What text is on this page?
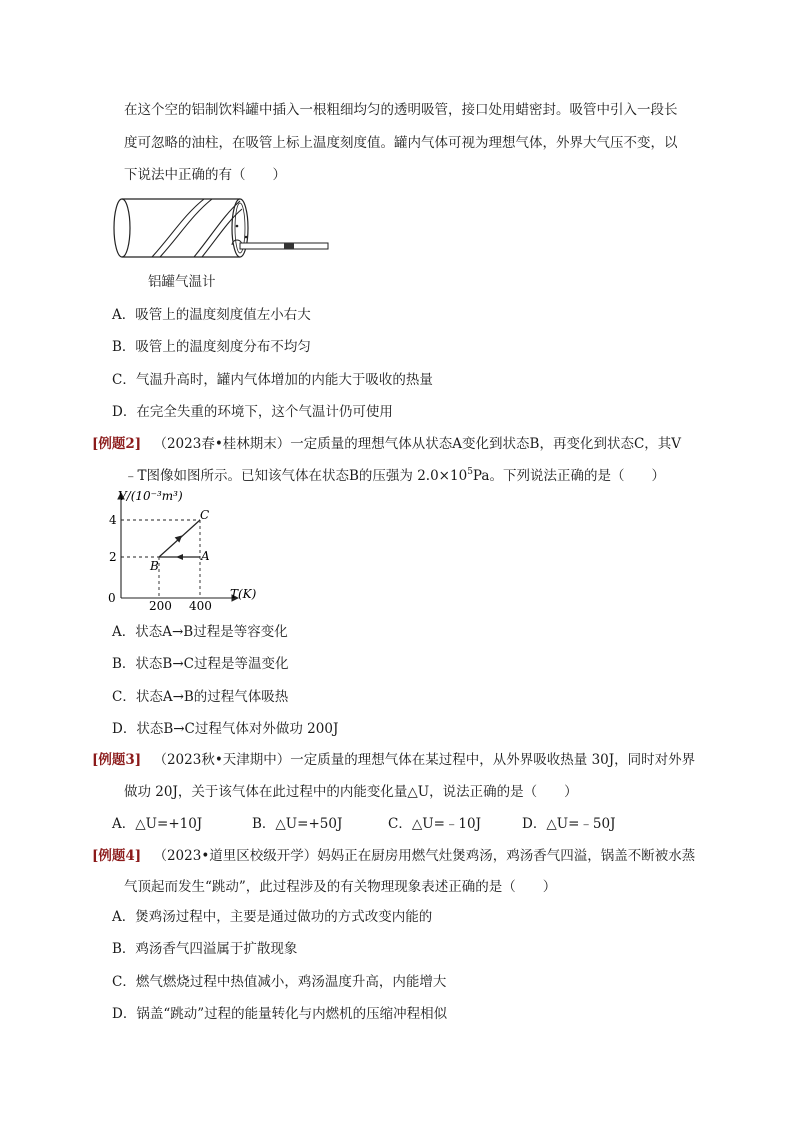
在这个空的铝制饮料罐中插入一根粗细均匀的透明吸管，接口处用蜡密封。吸管中引入一段长
度可忽略的油柱，在吸管上标上温度刻度值。罐内气体可视为理想气体，外界大气压不变，以
下说法中正确的有（　　）
铝罐气温计
A．吸管上的温度刻度值左小右大
B．吸管上的温度刻度分布不均匀
C．气温升高时，罐内气体增加的内能大于吸收的热量
D．在完全失重的环境下，这个气温计仍可使用
[例题2] （2023春•桂林期末）一定质量的理想气体从状态A变化到状态B，再变化到状态C，其V
﹣T图像如图所示。已知该气体在状态B的压强为 $2.0\times 10^5Pa$。下列说法正确的是（　　）
V/(10⁻³m³)
T(K)
0
2
4
200 400
A
B
C
A．状态A→B过程是等容变化
B．状态B→C过程是等温变化
C．状态A→B的过程气体吸热
D．状态B→C过程气体对外做功 200J
[例题3] （2023秋•天津期中）一定质量的理想气体在某过程中，从外界吸收热量 30J，同时对外界
做功 20J，关于该气体在此过程中的内能变化量△U，说法正确的是（　　）
A．△U=+10J	B．△U=+50J	C．△U=﹣10J	D．△U=﹣50J
[例题4] （2023•道里区校级开学）妈妈正在厨房用燃气灶煲鸡汤，鸡汤香气四溢，锅盖不断被水蒸
气顶起而发生“跳动”，此过程涉及的有关物理现象表述正确的是（　　）
A．煲鸡汤过程中，主要是通过做功的方式改变内能的
B．鸡汤香气四溢属于扩散现象
C．燃气燃烧过程中热值减小，鸡汤温度升高，内能增大
D．锅盖“跳动”过程的能量转化与内燃机的压缩冲程相似
